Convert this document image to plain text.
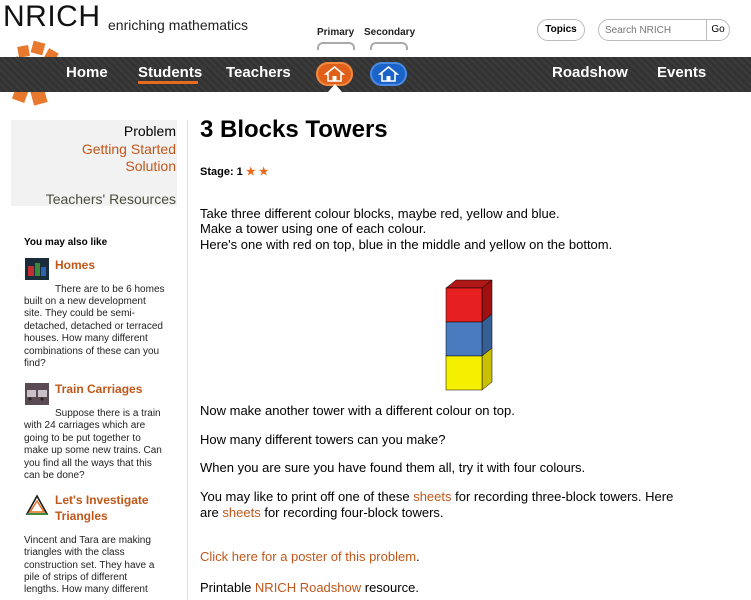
NRICH enriching mathematics	Primary Secondary	Topics
Search NRICH	Go
Home Students Teachers	Roadshow Events
Problem
Getting Started
Solution
Teachers' Resources
You may also like
Homes
There are to be 6 homes
built on a new development
site. They could be semi-
detached, detached or terraced
houses. How many different
combinations of these can you
find?
Train Carriages
Suppose there is a train
with 24 carriages which are
going to be put together to
make up some new trains. Can
you find all the ways that this
can be done?
Let's Investigate
Triangles
Vincent and Tara are making
triangles with the class
construction set. They have a
pile of strips of different
lengths. How many different
3 Blocks Towers
Stage: 1 ★ ★
Take three different colour blocks, maybe red, yellow and blue.
Make a tower using one of each colour.
Here's one with red on top, blue in the middle and yellow on the bottom.
Now make another tower with a different colour on top.
How many different towers can you make?
When you are sure you have found them all, try it with four colours.
You may like to print off one of these sheets for recording three-block towers. Here
are sheets for recording four-block towers.
Click here for a poster of this problem.
Printable NRICH Roadshow resource.
